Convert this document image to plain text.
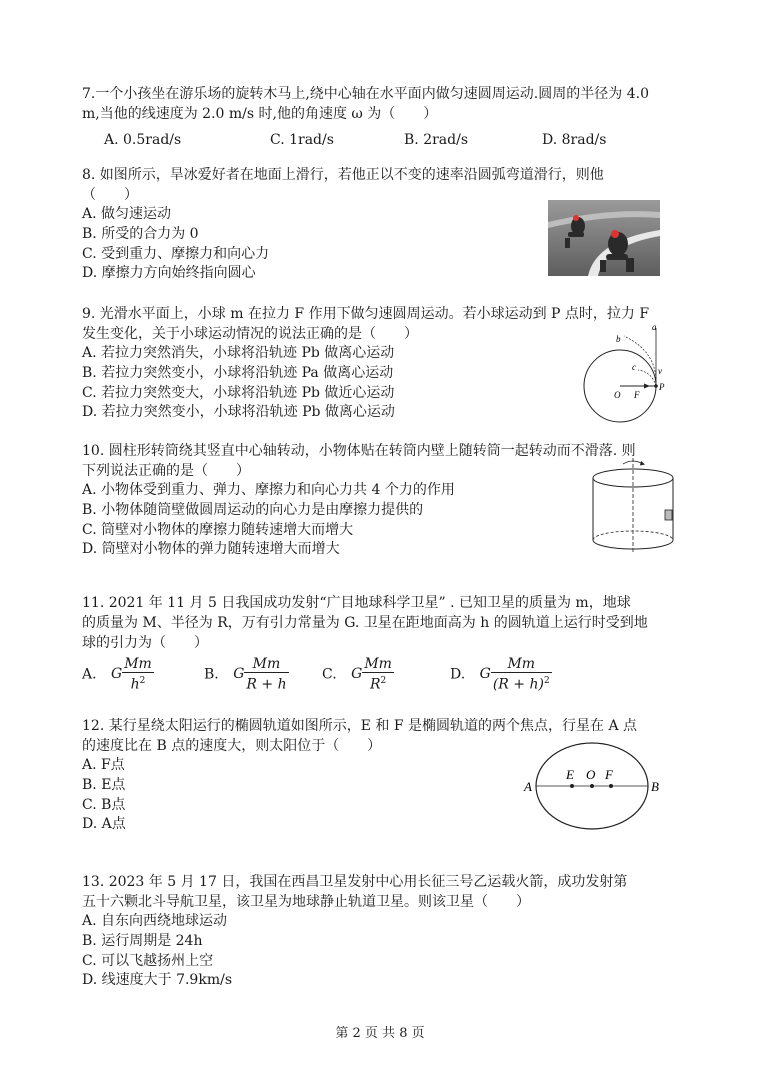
7.一个小孩坐在游乐场的旋转木马上,绕中心轴在水平面内做匀速圆周运动.圆周的半径为 4.0

m,当他的线速度为 2.0 m/s 时,他的角速度 ω 为（　　）

A. 0.5rad/s	C. 1rad/s	B. 2rad/s	D. 8rad/s

8. 如图所示，旱冰爱好者在地面上滑行，若他正以不变的速率沿圆弧弯道滑行，则他

（　　）

A. 做匀速运动
B. 所受的合力为 0
C. 受到重力、摩擦力和向心力
D. 摩擦力方向始终指向圆心

9. 光滑水平面上，小球 m 在拉力 F 作用下做匀速圆周运动。若小球运动到 P 点时，拉力 F

发生变化，关于小球运动情况的说法正确的是（　　）

A. 若拉力突然消失，小球将沿轨迹 Pb 做离心运动
B. 若拉力突然变小，小球将沿轨迹 Pa 做离心运动
C. 若拉力突然变大，小球将沿轨迹 Pb 做近心运动
D. 若拉力突然变小，小球将沿轨迹 Pb 做离心运动
a
b
c v
O F
P

10. 圆柱形转筒绕其竖直中心轴转动，小物体贴在转筒内壁上随转筒一起转动而不滑落. 则

下列说法正确的是（　　）

A. 小物体受到重力、弹力、摩擦力和向心力共 4 个力的作用
B. 小物体随筒壁做圆周运动的向心力是由摩擦力提供的
C. 筒壁对小物体的摩擦力随转速增大而增大
D. 筒壁对小物体的弹力随转速增大而增大

11. 2021 年 11 月 5 日我国成功发射“广目地球科学卫星” . 已知卫星的质量为 m，地球

的质量为 M、半径为 R，万有引力常量为 G. 卫星在距地面高为 h 的圆轨道上运行时受到地

球的引力为（　　）

A. G $\frac{Mm}{h^2}$	B. G $\frac{Mm}{R + h} C$. G $\frac{Mm}{R^2}$	D. G $\frac{Mm}{(R + h)^2}$

12. 某行星绕太阳运行的椭圆轨道如图所示，E 和 F 是椭圆轨道的两个焦点，行星在 A 点

的速度比在 B 点的速度大，则太阳位于（　　）

A. F点
B. E点
C. B点
D. A点
A	B
E O F

13. 2023 年 5 月 17 日，我国在西昌卫星发射中心用长征三号乙运载火箭，成功发射第

五十六颗北斗导航卫星，该卫星为地球静止轨道卫星。则该卫星（　　）

A. 自东向西绕地球运动
B. 运行周期是 24h
C. 可以飞越扬州上空
D. 线速度大于 7.9km/s
第 2 页 共 8 页
